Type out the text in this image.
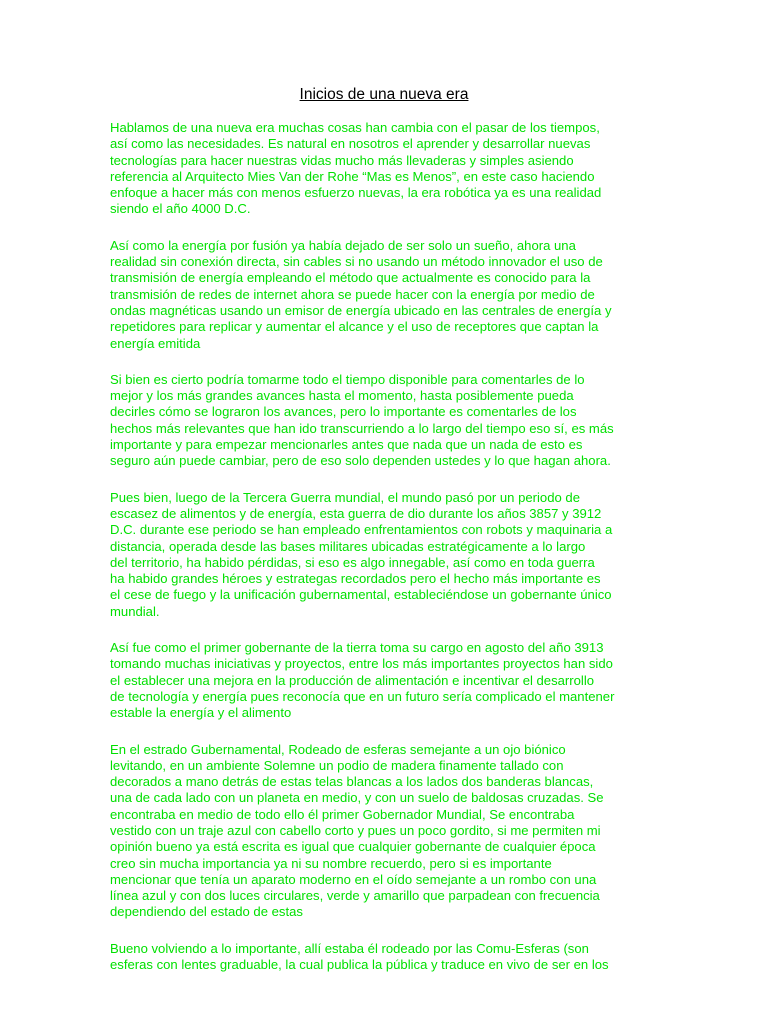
Inicios de una nueva era

Hablamos de una nueva era muchas cosas han cambia con el pasar de los tiempos,
así como las necesidades. Es natural en nosotros el aprender y desarrollar nuevas
tecnologías para hacer nuestras vidas mucho más llevaderas y simples asiendo
referencia al Arquitecto Mies Van der Rohe “Mas es Menos”, en este caso haciendo
enfoque a hacer más con menos esfuerzo nuevas, la era robótica ya es una realidad
siendo el año 4000 D.C.

Así como la energía por fusión ya había dejado de ser solo un sueño, ahora una
realidad sin conexión directa, sin cables si no usando un método innovador el uso de
transmisión de energía empleando el método que actualmente es conocido para la
transmisión de redes de internet ahora se puede hacer con la energía por medio de
ondas magnéticas usando un emisor de energía ubicado en las centrales de energía y
repetidores para replicar y aumentar el alcance y el uso de receptores que captan la
energía emitida

Si bien es cierto podría tomarme todo el tiempo disponible para comentarles de lo
mejor y los más grandes avances hasta el momento, hasta posiblemente pueda
decirles cómo se lograron los avances, pero lo importante es comentarles de los
hechos más relevantes que han ido transcurriendo a lo largo del tiempo eso sí, es más
importante y para empezar mencionarles antes que nada que un nada de esto es
seguro aún puede cambiar, pero de eso solo dependen ustedes y lo que hagan ahora.

Pues bien, luego de la Tercera Guerra mundial, el mundo pasó por un periodo de
escasez de alimentos y de energía, esta guerra de dio durante los años 3857 y 3912
D.C. durante ese periodo se han empleado enfrentamientos con robots y maquinaria a
distancia, operada desde las bases militares ubicadas estratégicamente a lo largo
del territorio, ha habido pérdidas, si eso es algo innegable, así como en toda guerra
ha habido grandes héroes y estrategas recordados pero el hecho más importante es
el cese de fuego y la unificación gubernamental, estableciéndose un gobernante único
mundial.

Así fue como el primer gobernante de la tierra toma su cargo en agosto del año 3913
tomando muchas iniciativas y proyectos, entre los más importantes proyectos han sido
el establecer una mejora en la producción de alimentación e incentivar el desarrollo
de tecnología y energía pues reconocía que en un futuro sería complicado el mantener
estable la energía y el alimento

En el estrado Gubernamental, Rodeado de esferas semejante a un ojo biónico
levitando, en un ambiente Solemne un podio de madera finamente tallado con
decorados a mano detrás de estas telas blancas a los lados dos banderas blancas,
una de cada lado con un planeta en medio, y con un suelo de baldosas cruzadas. Se
encontraba en medio de todo ello él primer Gobernador Mundial, Se encontraba
vestido con un traje azul con cabello corto y pues un poco gordito, si me permiten mi
opinión bueno ya está escrita es igual que cualquier gobernante de cualquier época
creo sin mucha importancia ya ni su nombre recuerdo, pero si es importante
mencionar que tenía un aparato moderno en el oído semejante a un rombo con una
línea azul y con dos luces circulares, verde y amarillo que parpadean con frecuencia
dependiendo del estado de estas

Bueno volviendo a lo importante, allí estaba él rodeado por las Comu-Esferas (son
esferas con lentes graduable, la cual publica la pública y traduce en vivo de ser en los
